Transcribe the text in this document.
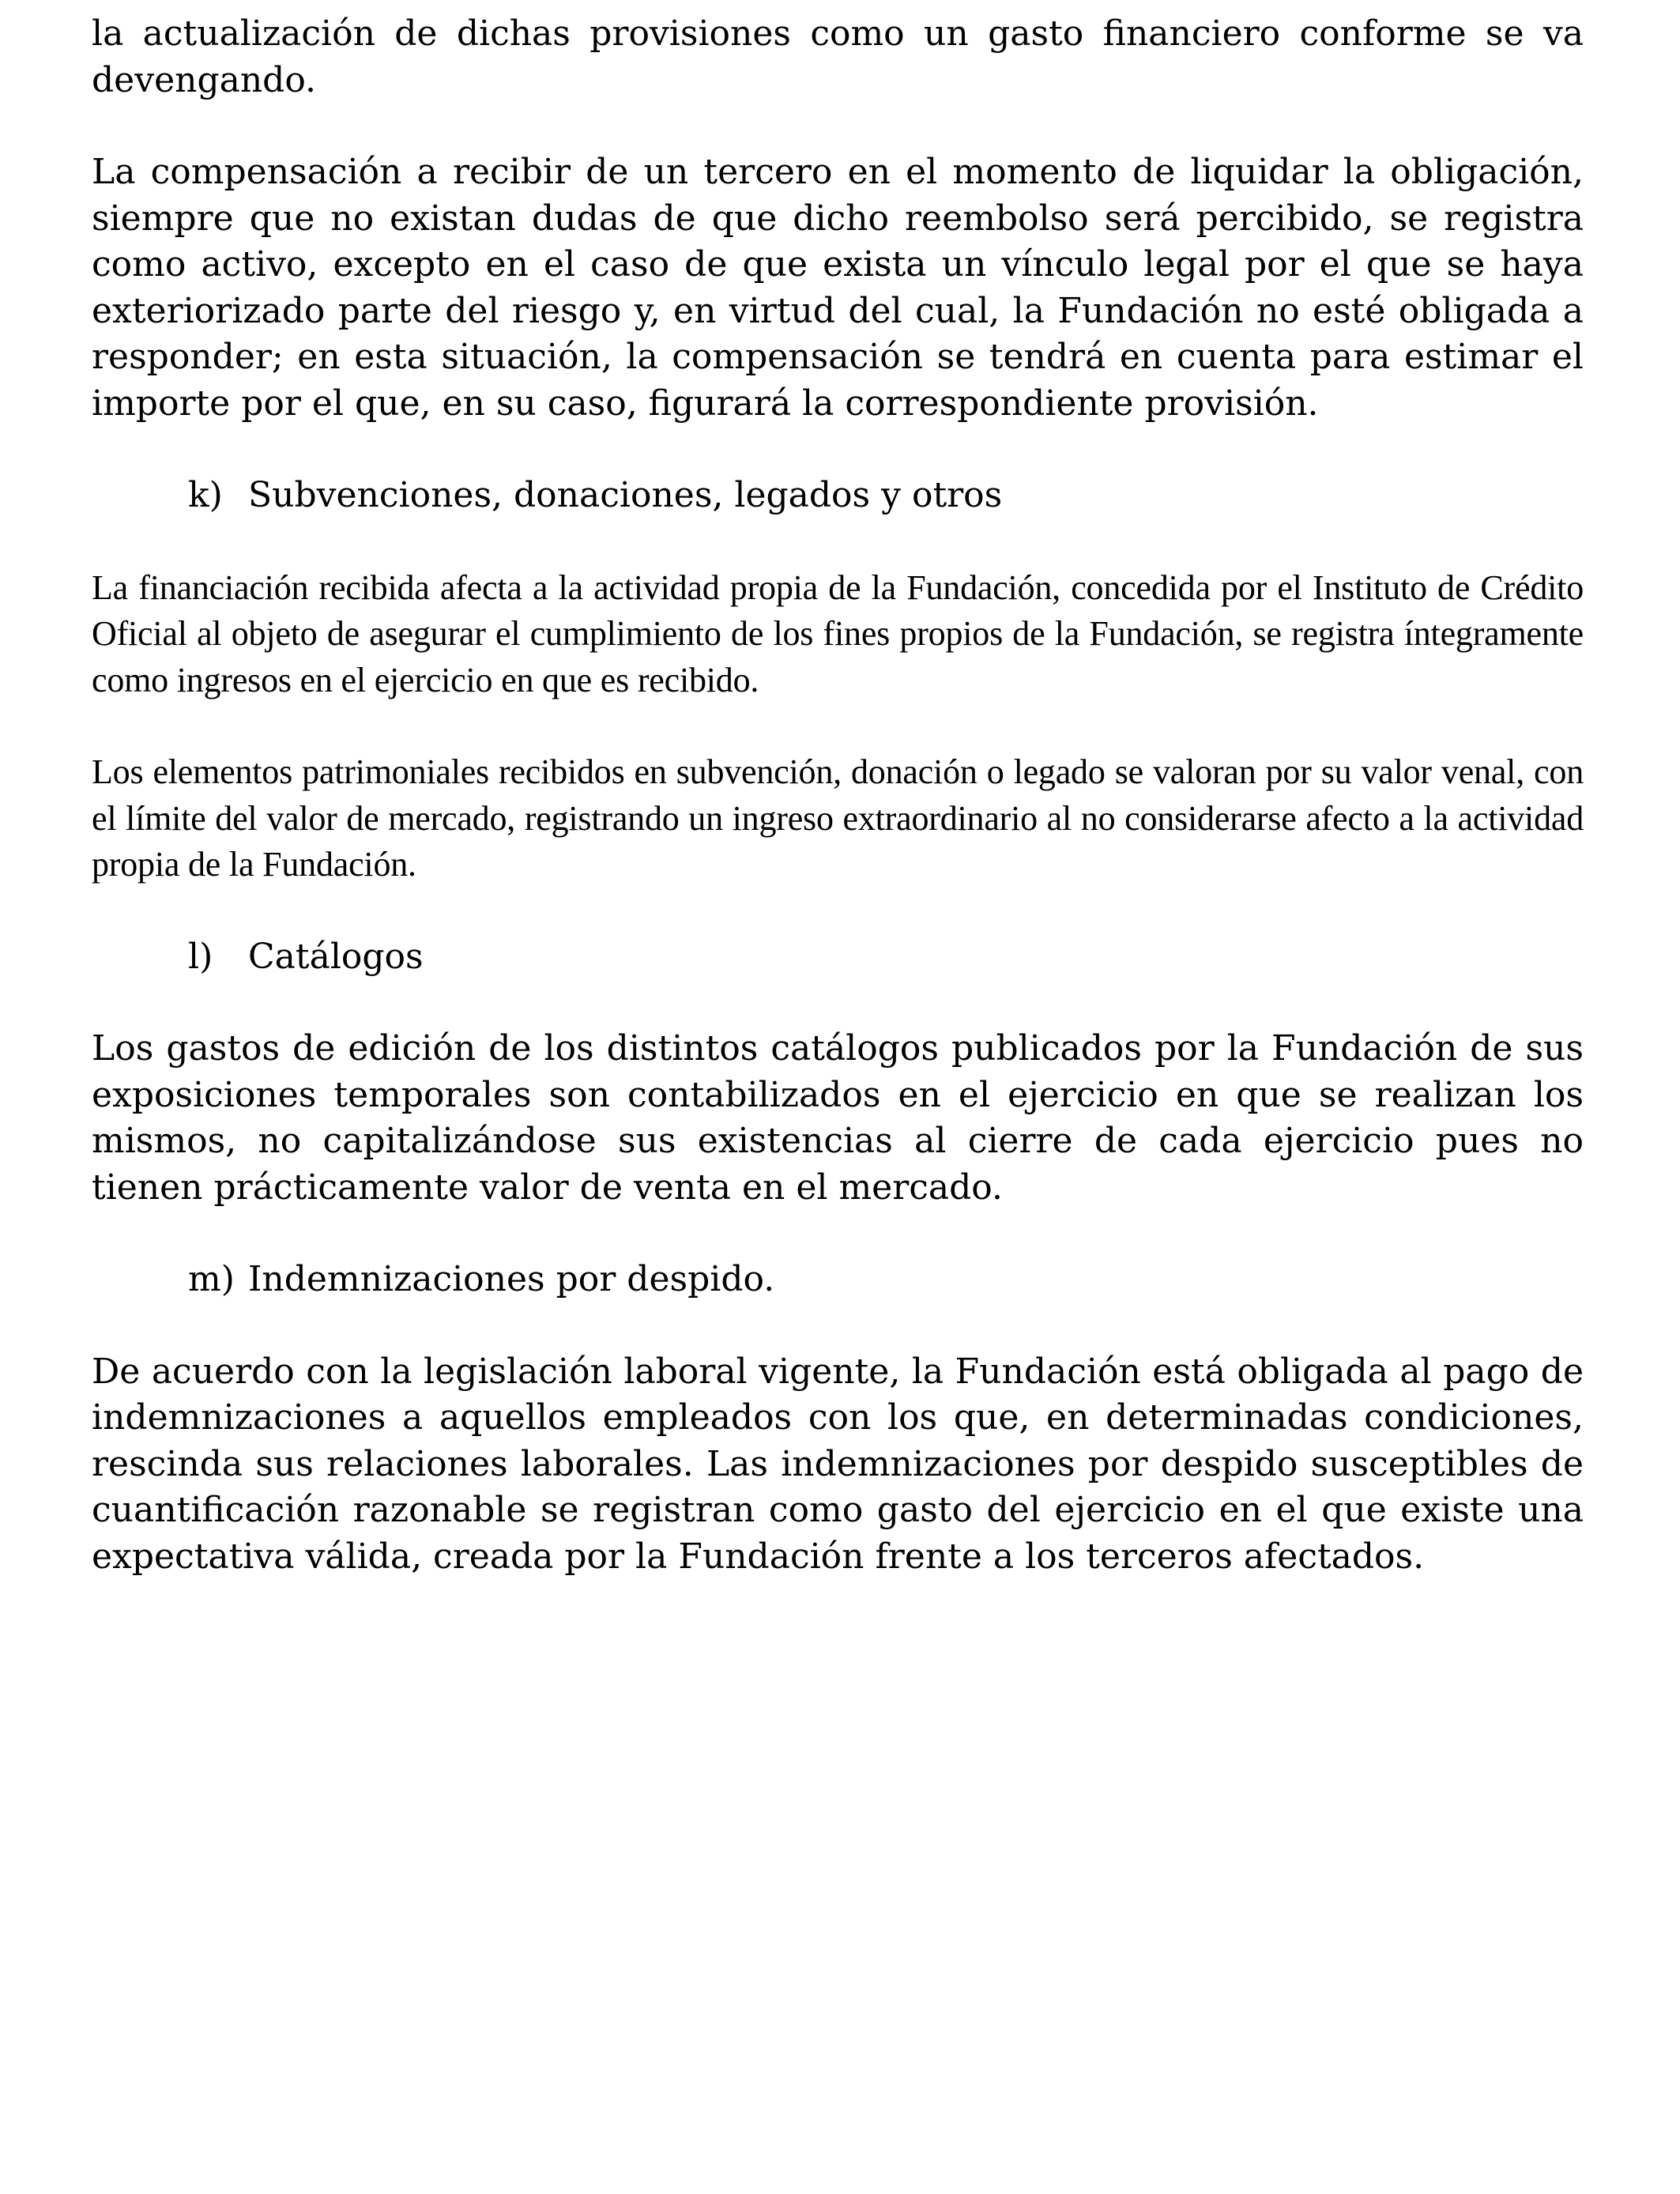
la actualización de dichas provisiones como un gasto financiero conforme se va devengando.

La compensación a recibir de un tercero en el momento de liquidar la obligación, siempre que no existan dudas de que dicho reembolso será percibido, se registra como activo, excepto en el caso de que exista un vínculo legal por el que se haya exteriorizado parte del riesgo y, en virtud del cual, la Fundación no esté obligada a responder; en esta situación, la compensación se tendrá en cuenta para estimar el importe por el que, en su caso, figurará la correspondiente provisión.

k) Subvenciones, donaciones, legados y otros

La financiación recibida afecta a la actividad propia de la Fundación, concedida por el Instituto de Crédito Oficial al objeto de asegurar el cumplimiento de los fines propios de la Fundación, se registra íntegramente como ingresos en el ejercicio en que es recibido.

Los elementos patrimoniales recibidos en subvención, donación o legado se valoran por su valor venal, con el límite del valor de mercado, registrando un ingreso extraordinario al no considerarse afecto a la actividad propia de la Fundación.

l)	Catálogos

Los gastos de edición de los distintos catálogos publicados por la Fundación de sus exposiciones temporales son contabilizados en el ejercicio en que se realizan los mismos, no capitalizándose sus existencias al cierre de cada ejercicio pues no tienen prácticamente valor de venta en el mercado.

m) Indemnizaciones por despido.

De acuerdo con la legislación laboral vigente, la Fundación está obligada al pago de indemnizaciones a aquellos empleados con los que, en determinadas condiciones, rescinda sus relaciones laborales. Las indemnizaciones por despido susceptibles de cuantificación razonable se registran como gasto del ejercicio en el que existe una expectativa válida, creada por la Fundación frente a los terceros afectados.
